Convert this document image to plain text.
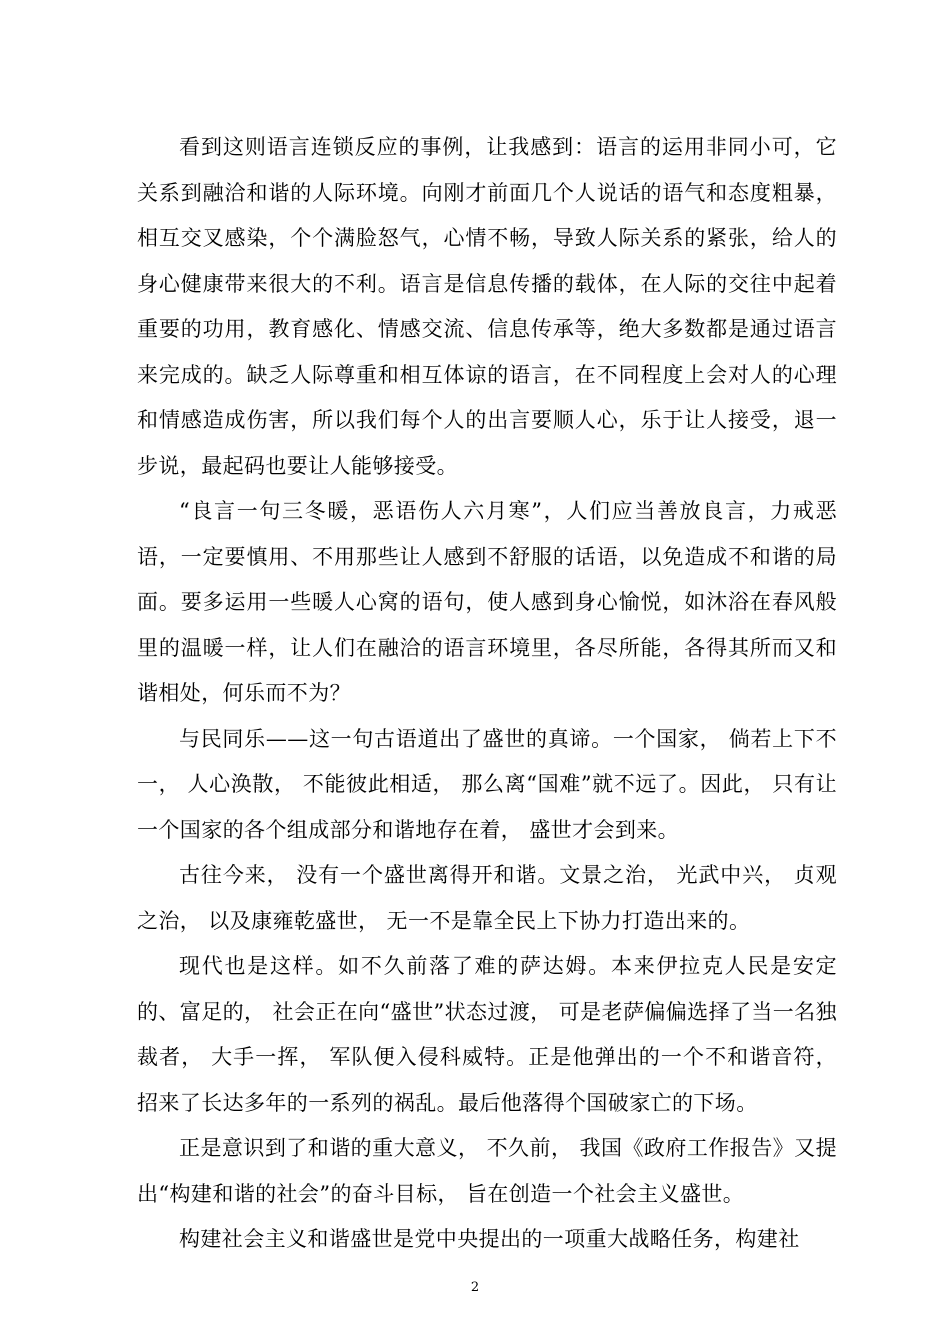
看到这则语言连锁反应的事例，让我感到：语言的运用非同小可，它关系到融洽和谐的人际环境。向刚才前面几个人说话的语气和态度粗暴，相互交叉感染，个个满脸怒气，心情不畅，导致人际关系的紧张，给人的身心健康带来很大的不利。语言是信息传播的载体，在人际的交往中起着重要的功用，教育感化、情感交流、信息传承等，绝大多数都是通过语言来完成的。缺乏人际尊重和相互体谅的语言，在不同程度上会对人的心理和情感造成伤害，所以我们每个人的出言要顺人心，乐于让人接受，退一步说，最起码也要让人能够接受。

“良言一句三冬暖，恶语伤人六月寒”，人们应当善放良言，力戒恶语，一定要慎用、不用那些让人感到不舒服的话语，以免造成不和谐的局面。要多运用一些暖人心窝的语句，使人感到身心愉悦，如沐浴在春风般里的温暖一样，让人们在融洽的语言环境里，各尽所能，各得其所而又和谐相处，何乐而不为？

与民同乐——这一句古语道出了盛世的真谛。一个国家， 倘若上下不一， 人心涣散， 不能彼此相适， 那么离“国难”就不远了。因此， 只有让一个国家的各个组成部分和谐地存在着， 盛世才会到来。

古往今来， 没有一个盛世离得开和谐。文景之治， 光武中兴， 贞观之治， 以及康雍乾盛世， 无一不是靠全民上下协力打造出来的。

现代也是这样。如不久前落了难的萨达姆。本来伊拉克人民是安定的、富足的， 社会正在向“盛世”状态过渡， 可是老萨偏偏选择了当一名独裁者， 大手一挥， 军队便入侵科威特。正是他弹出的一个不和谐音符， 招来了长达多年的一系列的祸乱。最后他落得个国破家亡的下场。

正是意识到了和谐的重大意义， 不久前， 我国《政府工作报告》又提出“构建和谐的社会”的奋斗目标， 旨在创造一个社会主义盛世。

构建社会主义和谐盛世是党中央提出的一项重大战略任务，构建社

2
